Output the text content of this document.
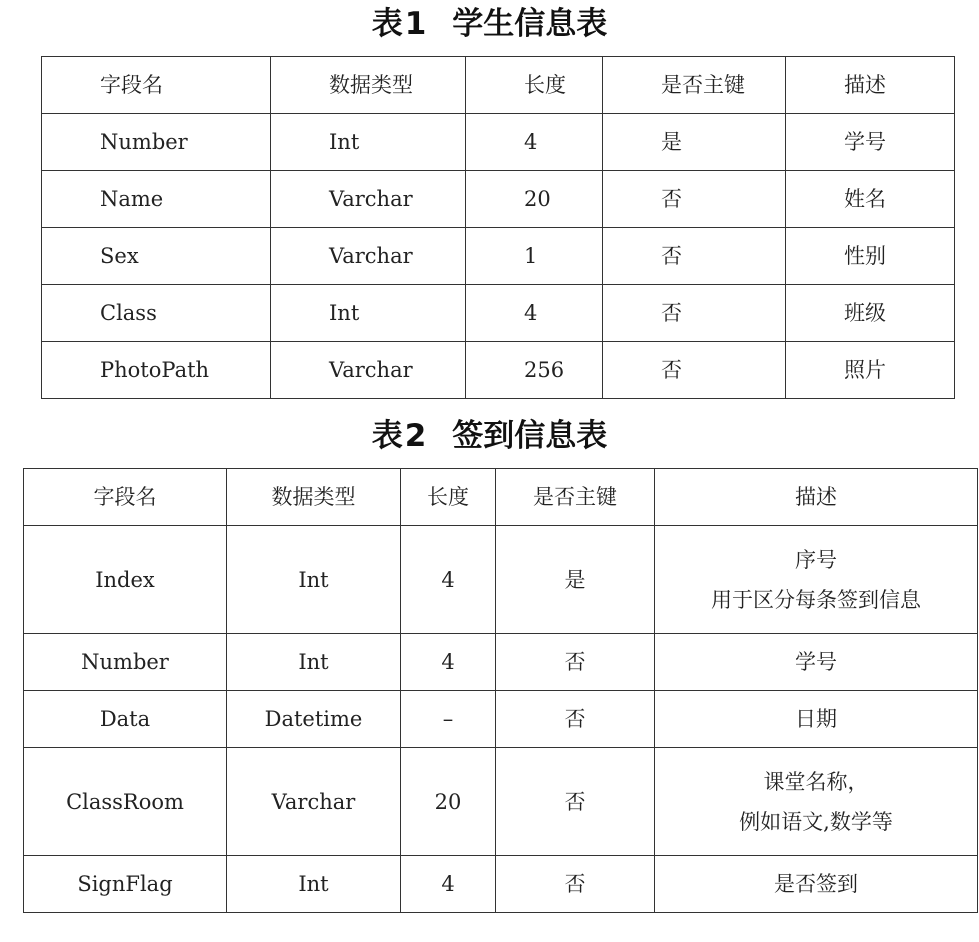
表1 学生信息表
字段名	数据类型	长度	是否主键	描述
Number	Int	4	是	学号
Name	Varchar	20	否	姓名
Sex	Varchar	1	否	性别
Class	Int	4	否	班级
PhotoPath	Varchar	256	否	照片
表2 签到信息表
字段名	数据类型	长度	是否主键	描述
Index	Int	4	是	序号
用于区分每条签到信息

Number	Int	4	否	学号

Data	Datetime	–	否	日期

ClassRoom	Varchar	20	否	课堂名称，
例如语文,数学等

SignFlag	Int	4	否	是否签到
